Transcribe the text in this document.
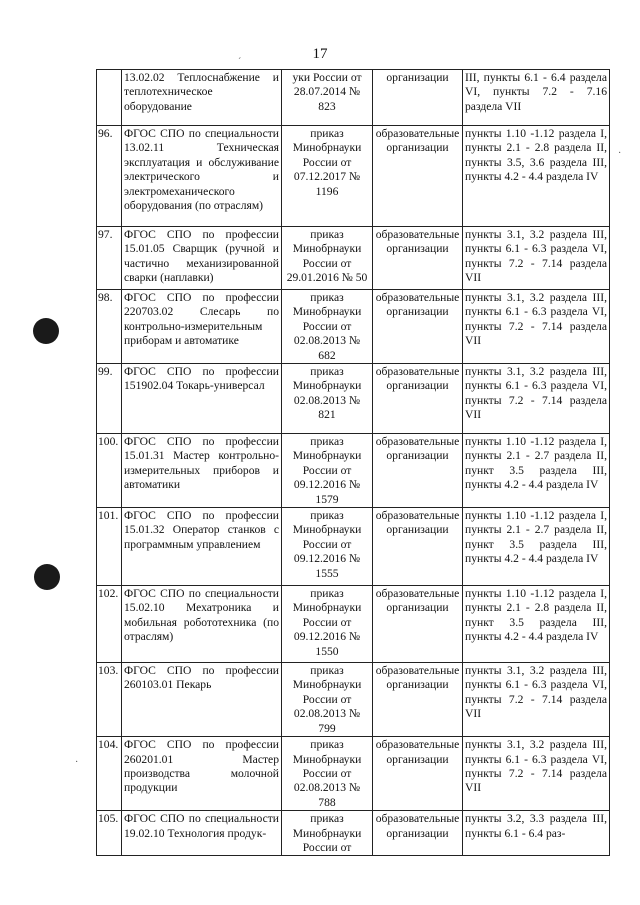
17
	13.02.02 Теплоснабжение и теплотехническое оборудование	уки России от 28.07.2014 № 823	организации	III, пункты 6.1 - 6.4 раздела VI, пункты 7.2 - 7.16 раздела VII
96.	ФГОС СПО по специальности 13.02.11 Техническая эксплуатация и обслуживание электрического и электромеханического оборудования (по отраслям)	приказ Минобрнауки России от 07.12.2017 № 1196	образовательные организации	пункты 1.10 -1.12 раздела I, пункты 2.1 - 2.8 раздела II, пункты 3.5, 3.6 раздела III, пункты 4.2 - 4.4 раздела IV
97.	ФГОС СПО по профессии 15.01.05 Сварщик (ручной и частично механизированной сварки (наплавки)	приказ Минобрнауки России от 29.01.2016 № 50	образовательные организации	пункты 3.1, 3.2 раздела III, пункты 6.1 - 6.3 раздела VI, пункты 7.2 - 7.14 раздела VII
98.	ФГОС СПО по профессии 220703.02 Слесарь по контрольно-измерительным приборам и автоматике	приказ Минобрнауки России от 02.08.2013 № 682	образовательные организации	пункты 3.1, 3.2 раздела III, пункты 6.1 - 6.3 раздела VI, пункты 7.2 - 7.14 раздела VII
99.	ФГОС СПО по профессии 151902.04 Токарь-универсал	приказ Минобрнауки 02.08.2013 № 821	образовательные организации	пункты 3.1, 3.2 раздела III, пункты 6.1 - 6.3 раздела VI, пункты 7.2 - 7.14 раздела VII
100.	ФГОС СПО по профессии 15.01.31 Мастер контрольно-измерительных приборов и автоматики	приказ Минобрнауки России от 09.12.2016 № 1579	образовательные организации	пункты 1.10 -1.12 раздела I, пункты 2.1 - 2.7 раздела II, пункт 3.5 раздела III, пункты 4.2 - 4.4 раздела IV
101.	ФГОС СПО по профессии 15.01.32 Оператор станков с программным управлением	приказ Минобрнауки России от 09.12.2016 № 1555	образовательные организации	пункты 1.10 -1.12 раздела I, пункты 2.1 - 2.7 раздела II, пункт 3.5 раздела III, пункты 4.2 - 4.4 раздела IV
102.	ФГОС СПО по специальности 15.02.10 Мехатроника и мобильная робототехника (по отраслям)	приказ Минобрнауки России от 09.12.2016 № 1550	образовательные организации	пункты 1.10 -1.12 раздела I, пункты 2.1 - 2.8 раздела II, пункт 3.5 раздела III, пункты 4.2 - 4.4 раздела IV
103.	ФГОС СПО по профессии 260103.01 Пекарь	приказ Минобрнауки России от 02.08.2013 № 799	образовательные организации	пункты 3.1, 3.2 раздела III, пункты 6.1 - 6.3 раздела VI, пункты 7.2 - 7.14 раздела VII
104.	ФГОС СПО по профессии 260201.01 Мастер производства молочной продукции	приказ Минобрнауки России от 02.08.2013 № 788	образовательные организации	пункты 3.1, 3.2 раздела III, пункты 6.1 - 6.3 раздела VI, пункты 7.2 - 7.14 раздела VII
105.	ФГОС СПО по специальности 19.02.10 Технология продук-	приказ Минобрнауки России от	образовательные организации	пункты 3.2, 3.3 раздела III, пункты 6.1 - 6.4 раз-
´
·
·
